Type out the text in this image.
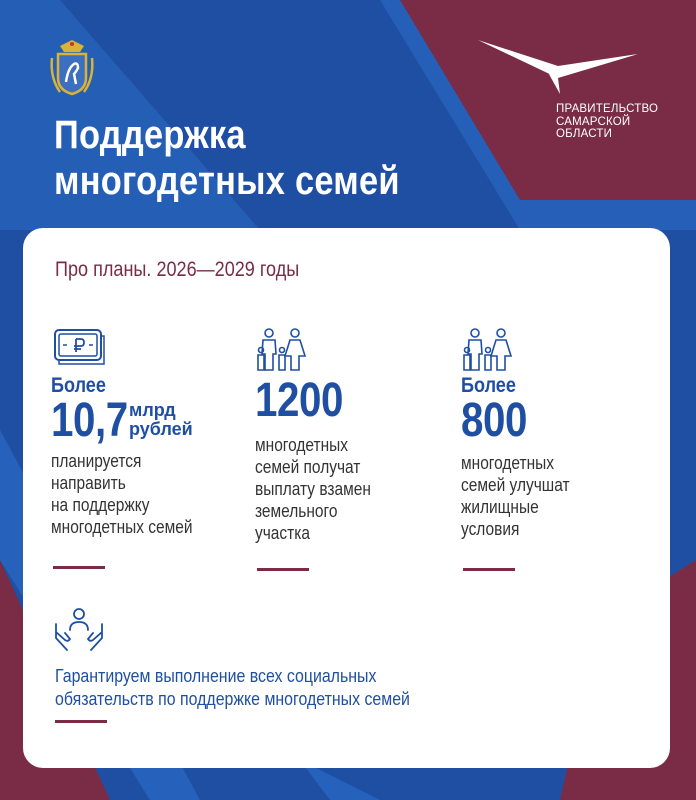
ПРАВИТЕЛЬСТВО
САМАРСКОЙ
ОБЛАСТИ
Поддержка
многодетных семей
Про планы. 2026—2029 годы
Более
10,7 млрд
рублей
планируется
направить
на поддержку
многодетных семей
1200
многодетных
семей получат
выплату взамен
земельного
участка
Более
800
многодетных
семей улучшат
жилищные
условия
Гарантируем выполнение всех социальных
обязательств по поддержке многодетных семей
